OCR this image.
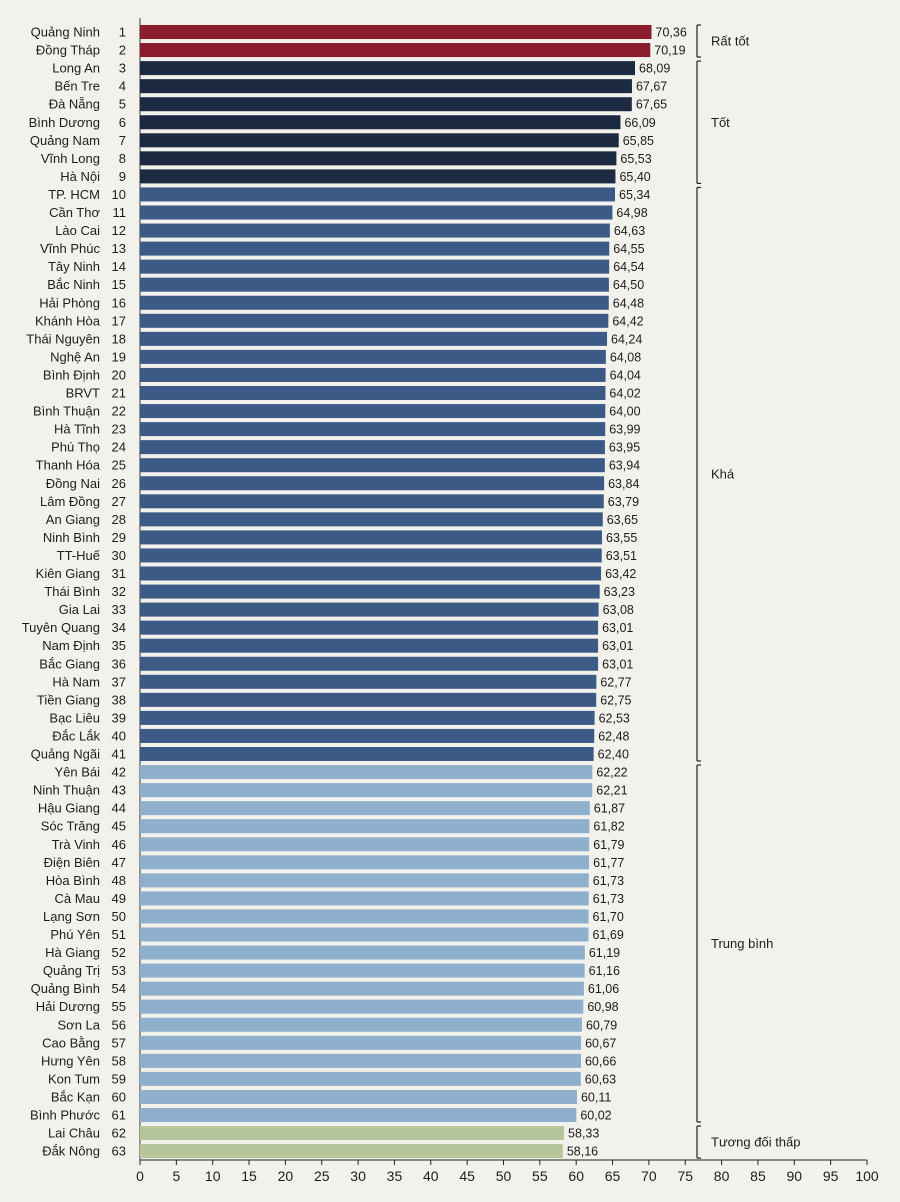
Quảng Ninh 1	70,36
Đồng Tháp 2	70,19
Long An 3	68,09
Bến Tre 4	67,67
Đà Nẵng 5	67,65
Bình Dương 6	66,09
Quảng Nam 7	65,85
Vĩnh Long 8	65,53
Hà Nội 9	65,40
TP. HCM 10	65,34
Cần Thơ 11	64,98
Lào Cai 12	64,63
Vĩnh Phúc 13	64,55
Tây Ninh 14	64,54
Bắc Ninh 15	64,50
Hải Phòng 16	64,48
Khánh Hòa 17	64,42
Thái Nguyên 18	64,24
Nghệ An 19	64,08
Bình Định 20	64,04
BRVT 21	64,02
Bình Thuận 22	64,00
Hà Tĩnh 23	63,99
Phú Thọ 24	63,95
Thanh Hóa 25	63,94
Đồng Nai 26	63,84
Lâm Đồng 27	63,79
An Giang 28	63,65
Ninh Bình 29	63,55
TT-Huế 30	63,51
Kiên Giang 31	63,42
Thái Bình 32	63,23
Gia Lai 33	63,08
Tuyên Quang 34	63,01
Nam Định 35	63,01
Bắc Giang 36	63,01
Hà Nam 37	62,77
Tiền Giang 38	62,75
Bạc Liêu 39	62,53
Đắc Lắk 40	62,48
Quảng Ngãi 41	62,40
Yên Bái 42	62,22
Ninh Thuận 43	62,21
Hậu Giang 44	61,87
Sóc Trăng 45	61,82
Trà Vinh 46	61,79
Điện Biên 47	61,77
Hòa Bình 48	61,73
Cà Mau 49	61,73
Lạng Sơn 50	61,70
Phú Yên 51	61,69
Hà Giang 52	61,19
Quảng Trị 53	61,16
Quảng Bình 54	61,06
Hải Dương 55	60,98
Sơn La 56	60,79
Cao Bằng 57	60,67
Hưng Yên 58	60,66
Kon Tum 59	60,63
Bắc Kạn 60	60,11
Bình Phước 61	60,02
Lai Châu 62	58,33
Đắk Nông 63	58,16
Rất tốt
Tốt
Khá
Trung bình
Tương đối thấp
0 5 10 15 20 25 30 35 40 45 50 55 60 65 70 75 80 85 90 95 100
